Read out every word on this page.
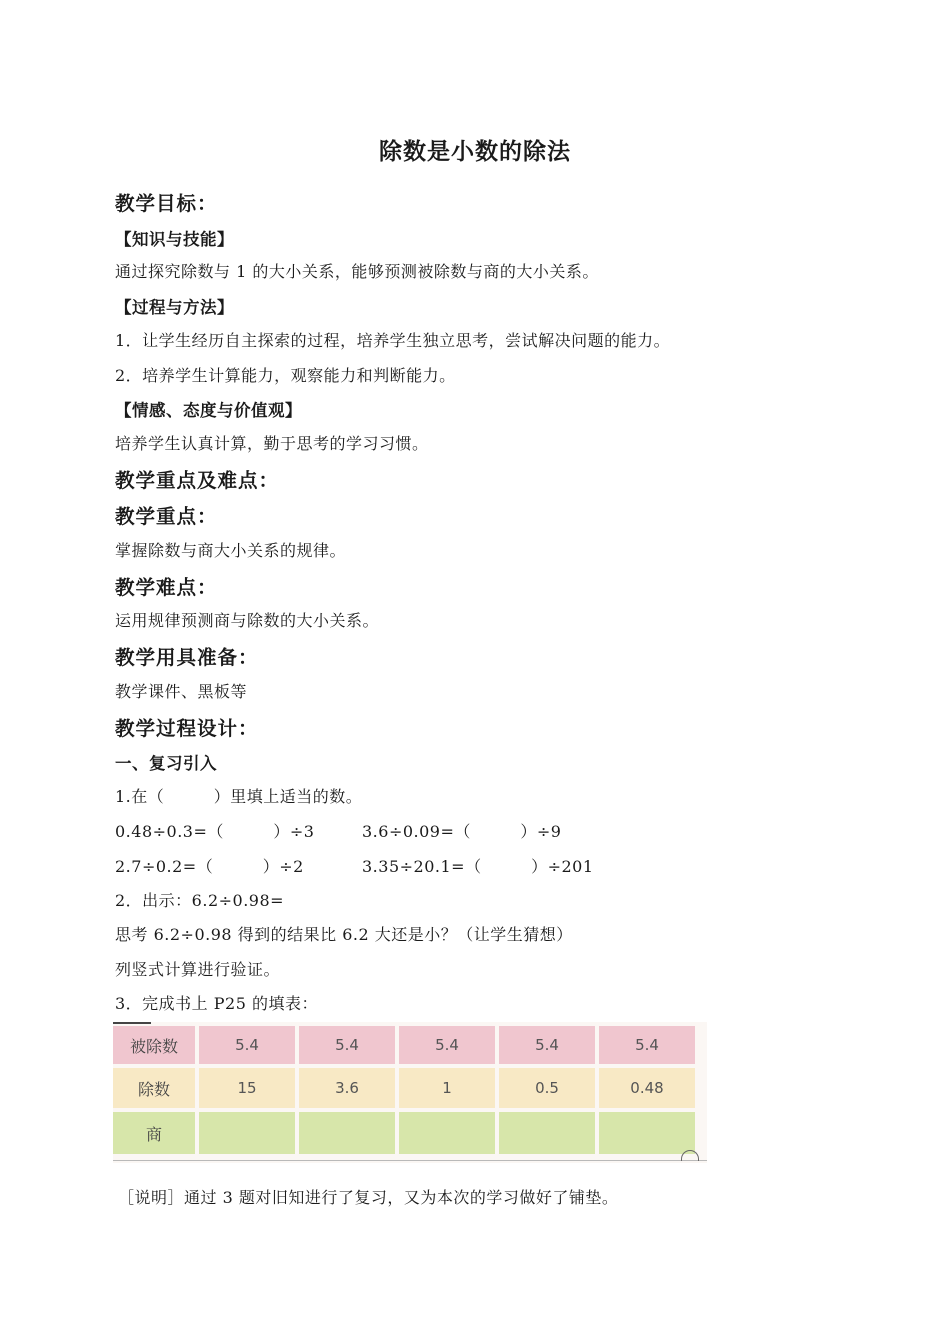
除数是小数的除法
教学目标：
【知识与技能】
通过探究除数与 1 的大小关系，能够预测被除数与商的大小关系。
【过程与方法】
1．让学生经历自主探索的过程，培养学生独立思考，尝试解决问题的能力。
2．培养学生计算能力，观察能力和判断能力。
【情感、态度与价值观】
培养学生认真计算，勤于思考的学习习惯。
教学重点及难点：
教学重点：
掌握除数与商大小关系的规律。
教学难点：
运用规律预测商与除数的大小关系。
教学用具准备：
教学课件、黑板等
教学过程设计：
一、复习引入
1.在（　　　）里填上适当的数。
0.48÷0.3=（　　　）÷3	3.6÷0.09=（　　　）÷9
2.7÷0.2=（　　　）÷2	3.35÷20.1=（　　　）÷201
2．出示：6.2÷0.98=
思考 6.2÷0.98 得到的结果比 6.2 大还是小？（让学生猜想）
列竖式计算进行验证。
3．完成书上 P25 的填表：
被除数	5.4	5.4	5.4	5.4	5.4
除数	15	3.6	1	0.5	0.48
商
［说明］通过 3 题对旧知进行了复习，又为本次的学习做好了铺垫。
